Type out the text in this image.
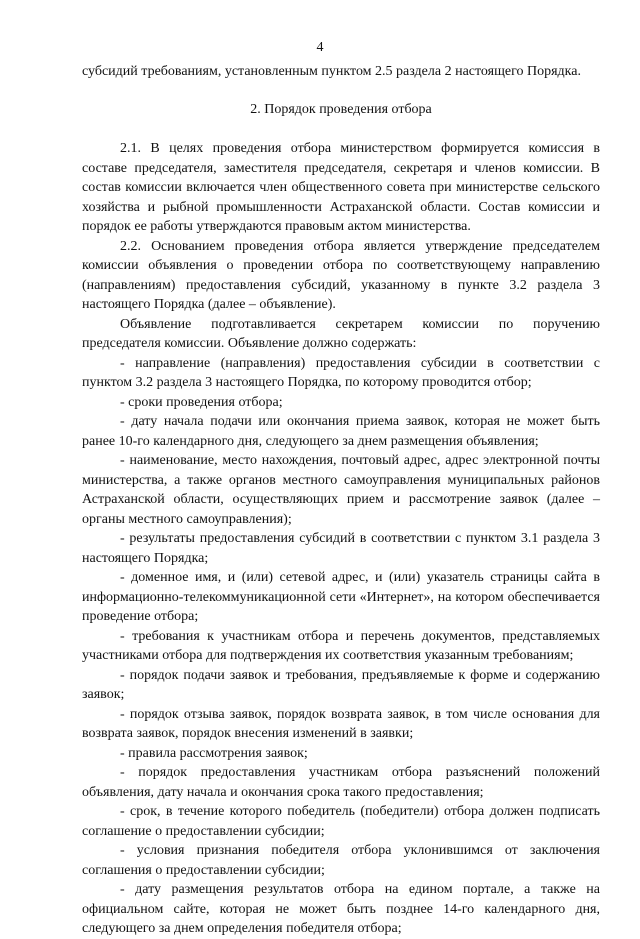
4

субсидий требованиям, установленным пунктом 2.5 раздела 2 настоящего Порядка.

2. Порядок проведения отбора

2.1. В целях проведения отбора министерством формируется комиссия в составе председателя, заместителя председателя, секретаря и членов комиссии. В состав комиссии включается член общественного совета при министерстве сельского хозяйства и рыбной промышленности Астраханской области. Состав комиссии и порядок ее работы утверждаются правовым актом министерства.

2.2. Основанием проведения отбора является утверждение председателем комиссии объявления о проведении отбора по соответствующему направлению (направлениям) предоставления субсидий, указанному в пункте 3.2 раздела 3 настоящего Порядка (далее – объявление).

Объявление подготавливается секретарем комиссии по поручению председателя комиссии. Объявление должно содержать:

- направление (направления) предоставления субсидии в соответствии с пунктом 3.2 раздела 3 настоящего Порядка, по которому проводится отбор;

- сроки проведения отбора;

- дату начала подачи или окончания приема заявок, которая не может быть ранее 10-го календарного дня, следующего за днем размещения объявления;

- наименование, место нахождения, почтовый адрес, адрес электронной почты министерства, а также органов местного самоуправления муниципальных районов Астраханской области, осуществляющих прием и рассмотрение заявок (далее – органы местного самоуправления);

- результаты предоставления субсидий в соответствии с пунктом 3.1 раздела 3 настоящего Порядка;

- доменное имя, и (или) сетевой адрес, и (или) указатель страницы сайта в информационно-телекоммуникационной сети «Интернет», на котором обеспечивается проведение отбора;

- требования к участникам отбора и перечень документов, представляемых участниками отбора для подтверждения их соответствия указанным требованиям;

- порядок подачи заявок и требования, предъявляемые к форме и содержанию заявок;

- порядок отзыва заявок, порядок возврата заявок, в том числе основания для возврата заявок, порядок внесения изменений в заявки;

- правила рассмотрения заявок;

- порядок предоставления участникам отбора разъяснений положений объявления, дату начала и окончания срока такого предоставления;

- срок, в течение которого победитель (победители) отбора должен подписать соглашение о предоставлении субсидии;

- условия признания победителя отбора уклонившимся от заключения соглашения о предоставлении субсидии;

- дату размещения результатов отбора на едином портале, а также на официальном сайте, которая не может быть позднее 14-го календарного дня, следующего за днем определения победителя отбора;
